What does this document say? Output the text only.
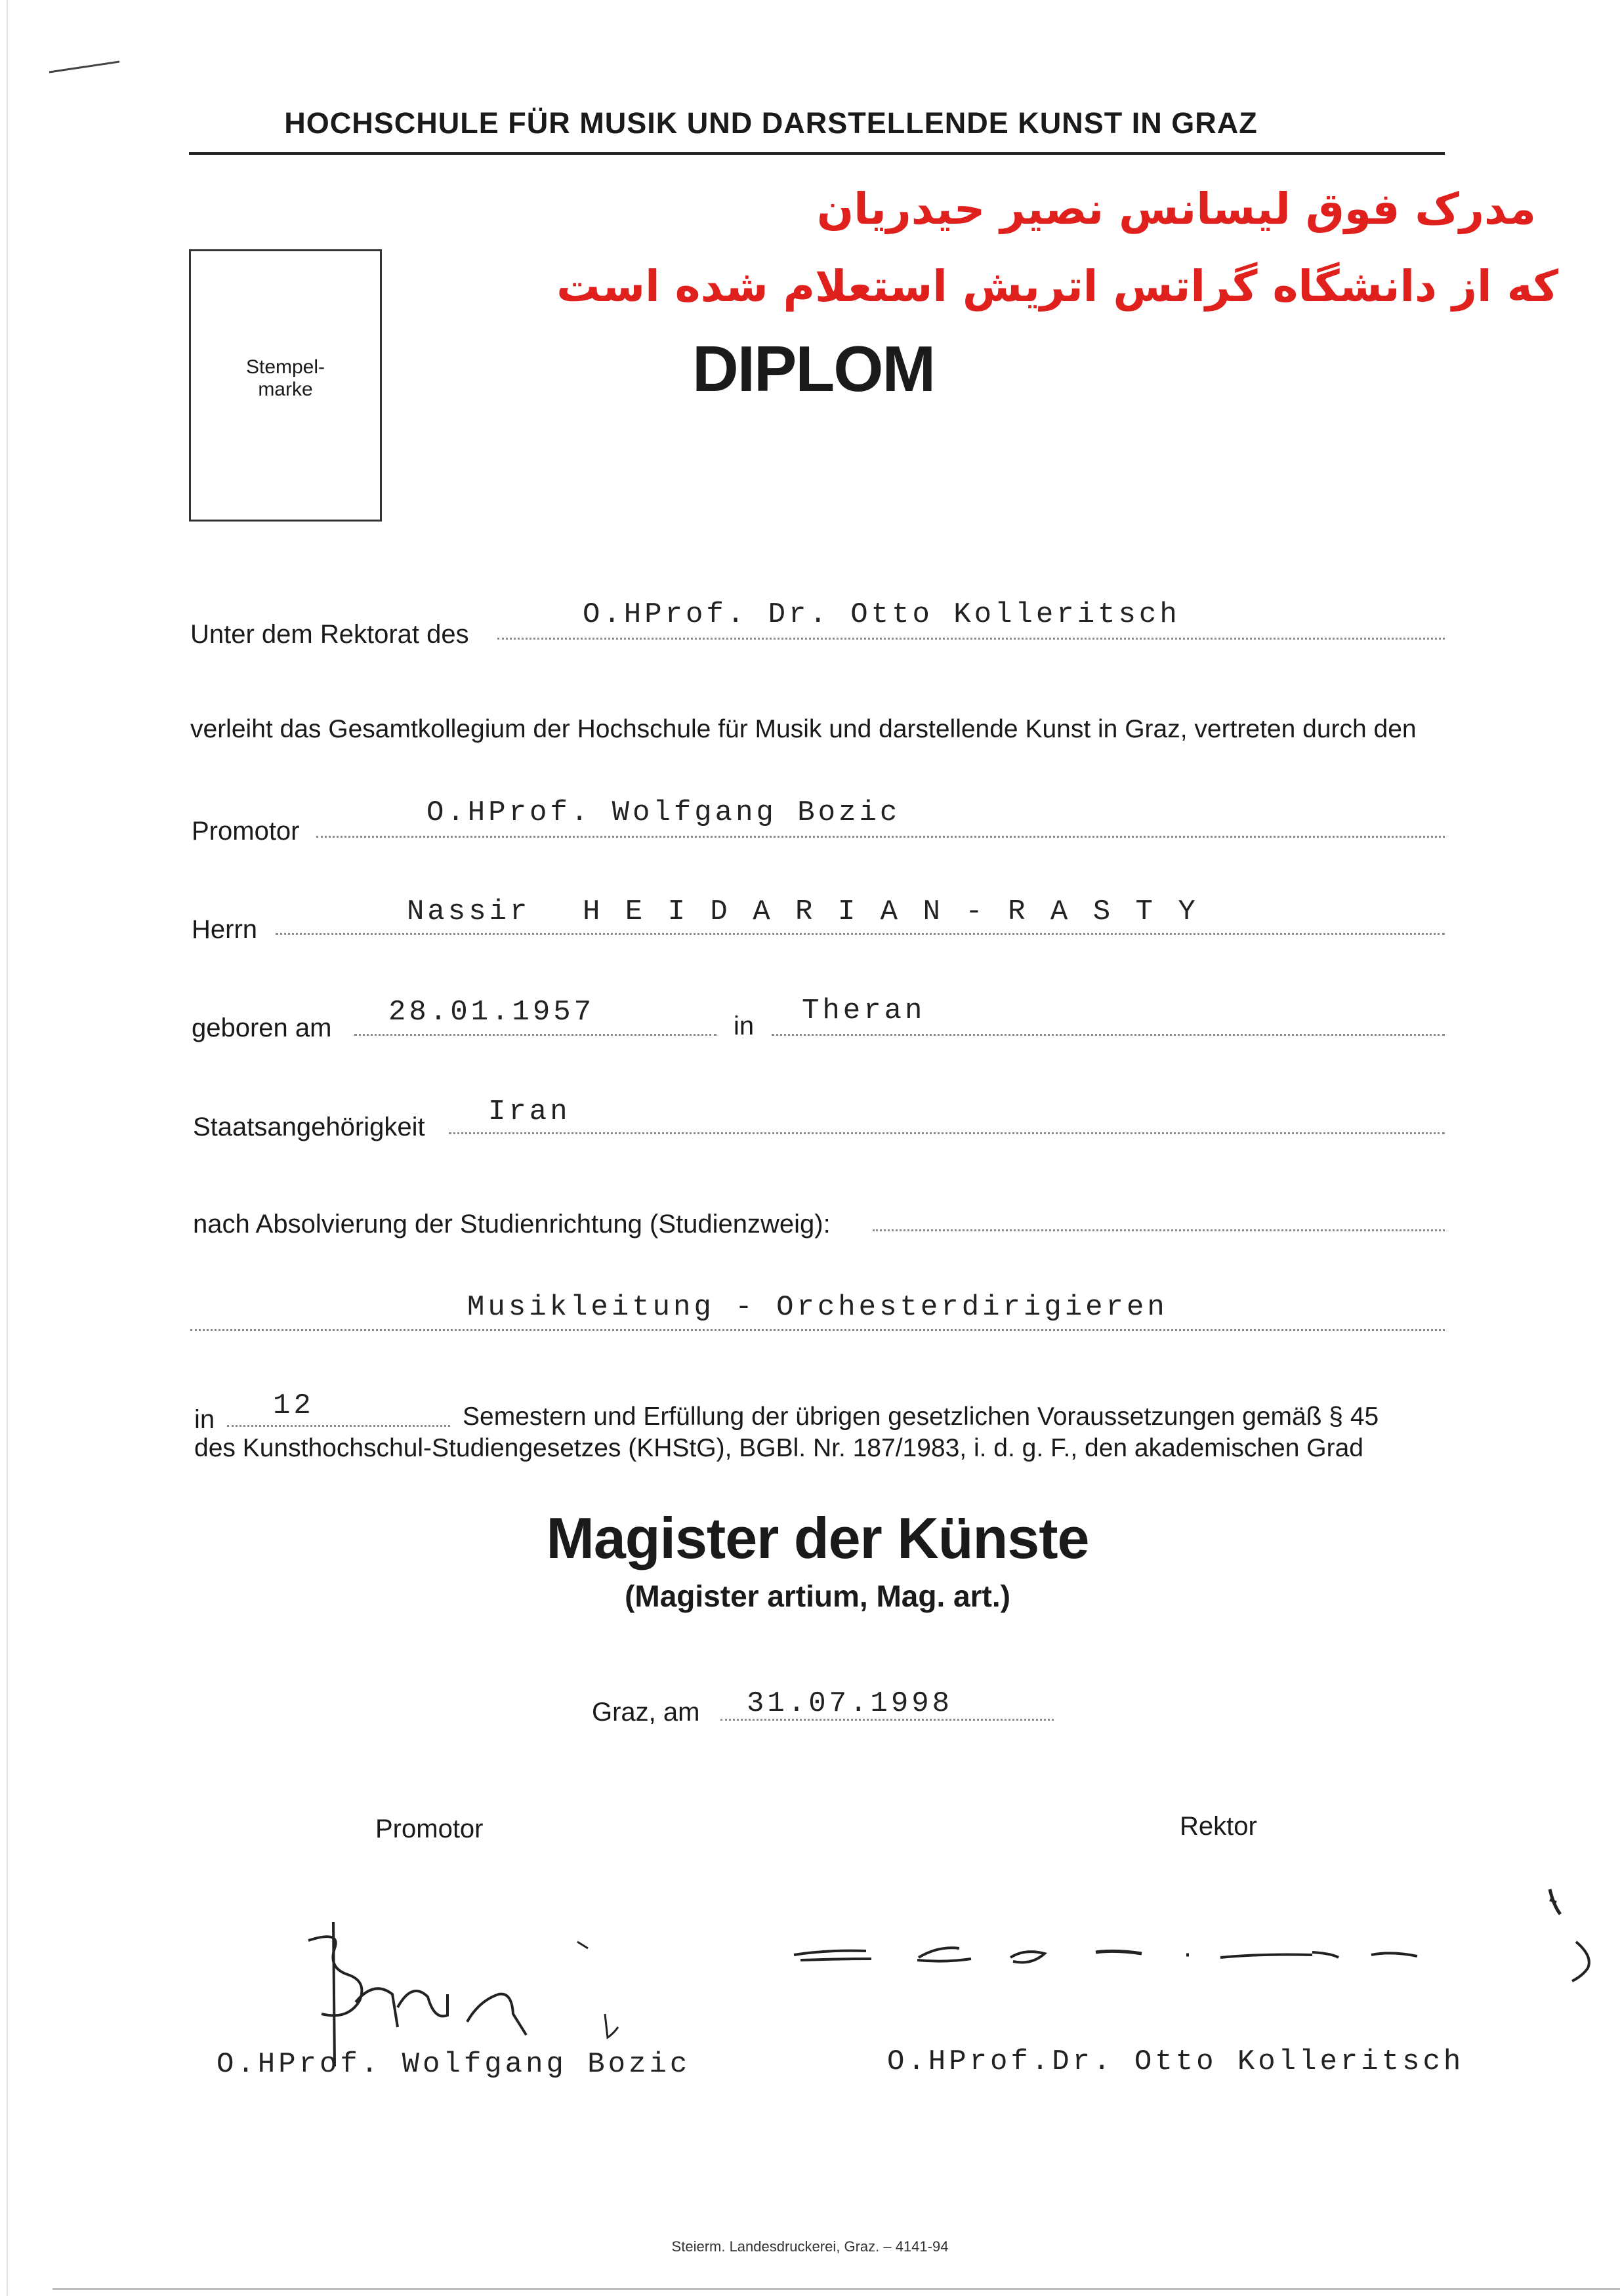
HOCHSCHULE FÜR MUSIK UND DARSTELLENDE KUNST IN GRAZ
مدرک فوق لیسانس نصیر حیدریان
که از دانشگاه گراتس اتریش استعلام شده است
Stempel-
marke	DIPLOM
Unter dem Rektorat des
O.HProf. Dr. Otto Kolleritsch
verleiht das Gesamtkollegium der Hochschule für Musik und darstellende Kunst in Graz, vertreten durch den
Promotor
O.HProf. Wolfgang Bozic
Herrn
Nassir H E I D A R I A N - R A S T Y
geboren am 28.01.1957	in Theran
Staatsangehörigkeit Iran
nach Absolvierung der Studienrichtung (Studienzweig):
Musikleitung - Orchesterdirigieren
in 12	Semestern und Erfüllung der übrigen gesetzlichen Voraussetzungen gemäß § 45
des Kunsthochschul-Studiengesetzes (KHStG), BGBl. Nr. 187/1983, i. d. g. F., den akademischen Grad
Magister der Künste
(Magister artium, Mag. art.)
Graz, am 31.07.1998
Promotor	Rektor
O.HProf. Wolfgang Bozic	O.HProf.Dr. Otto Kolleritsch
Steierm. Landesdruckerei, Graz. – 4141-94
